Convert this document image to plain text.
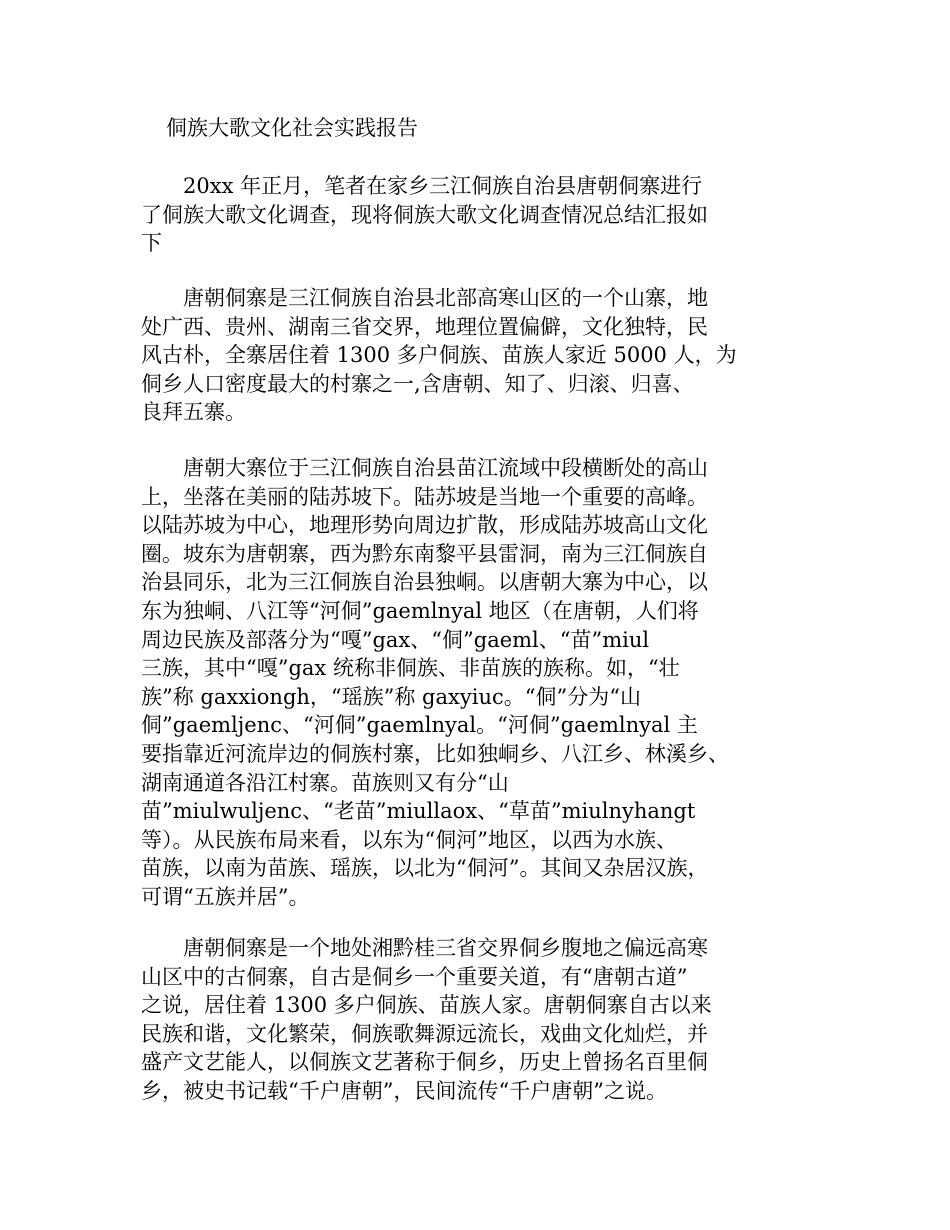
侗族大歌文化社会实践报告
　　20xx 年正月，笔者在家乡三江侗族自治县唐朝侗寨进行
了侗族大歌文化调查，现将侗族大歌文化调查情况总结汇报如
下
　　唐朝侗寨是三江侗族自治县北部高寒山区的一个山寨，地
处广西、贵州、湖南三省交界，地理位置偏僻，文化独特，民
风古朴，全寨居住着 1300 多户侗族、苗族人家近 5000 人，为
侗乡人口密度最大的村寨之一,含唐朝、知了、归滚、归喜、
良拜五寨。
　　唐朝大寨位于三江侗族自治县苗江流域中段横断处的高山
上，坐落在美丽的陆苏坡下。陆苏坡是当地一个重要的高峰。
以陆苏坡为中心，地理形势向周边扩散，形成陆苏坡高山文化
圈。坡东为唐朝寨，西为黔东南黎平县雷洞，南为三江侗族自
治县同乐，北为三江侗族自治县独峒。以唐朝大寨为中心，以
东为独峒、八江等“河侗”gaemlnyal 地区（在唐朝，人们将
周边民族及部落分为“嘎”gax、“侗”gaeml、“苗”miul
三族，其中“嘎”gax 统称非侗族、非苗族的族称。如，“壮
族”称 gaxxiongh，“瑶族”称 gaxyiuc。“侗”分为“山
侗”gaemljenc、“河侗”gaemlnyal。“河侗”gaemlnyal 主
要指靠近河流岸边的侗族村寨，比如独峒乡、八江乡、林溪乡、
湖南通道各沿江村寨。苗族则又有分“山
苗”miulwuljenc、“老苗”miullaox、“草苗”miulnyhangt
等）。从民族布局来看，以东为“侗河”地区，以西为水族、
苗族，以南为苗族、瑶族，以北为“侗河”。其间又杂居汉族，
可谓“五族并居”。
　　唐朝侗寨是一个地处湘黔桂三省交界侗乡腹地之偏远高寒
山区中的古侗寨，自古是侗乡一个重要关道，有“唐朝古道”
之说，居住着 1300 多户侗族、苗族人家。唐朝侗寨自古以来
民族和谐，文化繁荣，侗族歌舞源远流长，戏曲文化灿烂，并
盛产文艺能人，以侗族文艺著称于侗乡，历史上曾扬名百里侗
乡，被史书记载“千户唐朝”，民间流传“千户唐朝”之说。
